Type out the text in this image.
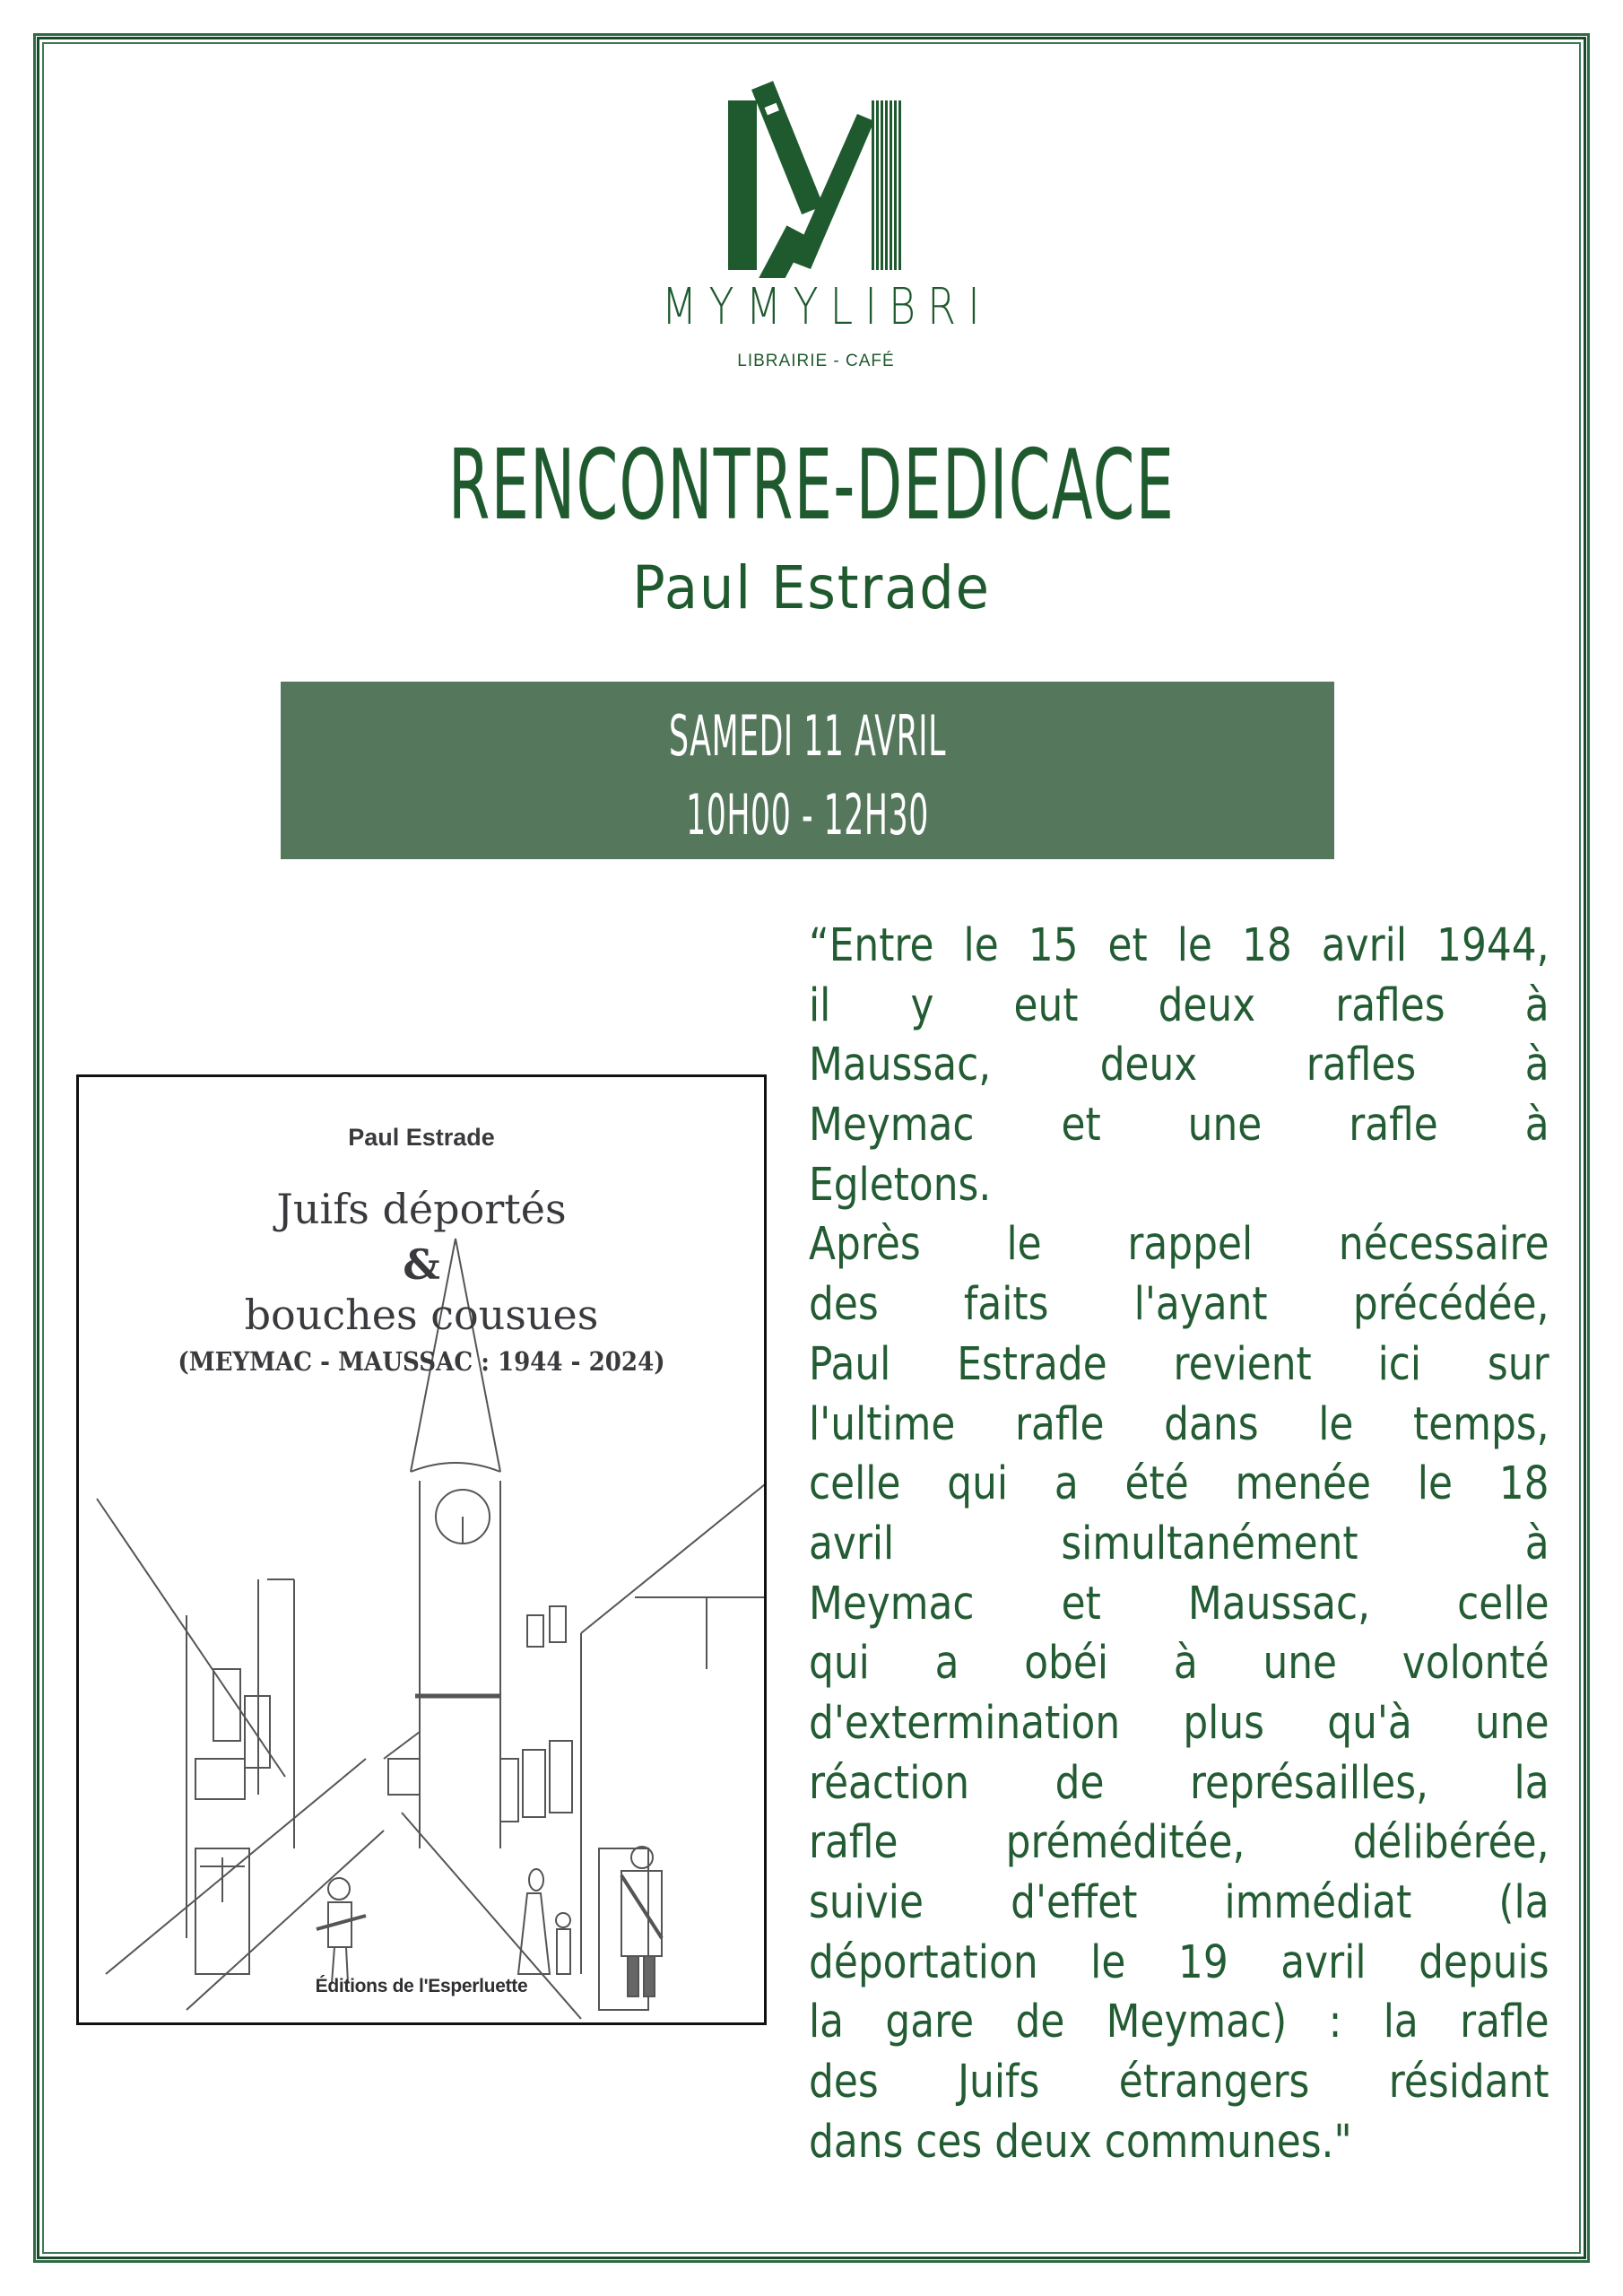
MYMYLIBRI
LIBRAIRIE - CAFÉ
RENCONTRE-DEDICACE
Paul Estrade
SAMEDI 11 AVRIL
10H00 - 12H30
Paul Estrade
Juifs déportés
&
bouches cousues
(MEYMAC - MAUSSAC : 1944 - 2024)
Éditions de l'Esperluette
“Entre le 15 et le 18 avril 1944,
il y eut deux rafles à
Maussac, deux rafles à
Meymac et une rafle à
Egletons.
Après le rappel nécessaire
des faits l'ayant précédée,
Paul Estrade revient ici sur
l'ultime rafle dans le temps,
celle qui a été menée le 18
avril simultanément à
Meymac et Maussac, celle
qui a obéi à une volonté
d'extermination plus qu'à une
réaction de représailles, la
rafle préméditée, délibérée,
suivie d'effet immédiat (la
déportation le 19 avril depuis
la gare de Meymac) : la rafle
des Juifs étrangers résidant
dans ces deux communes."
